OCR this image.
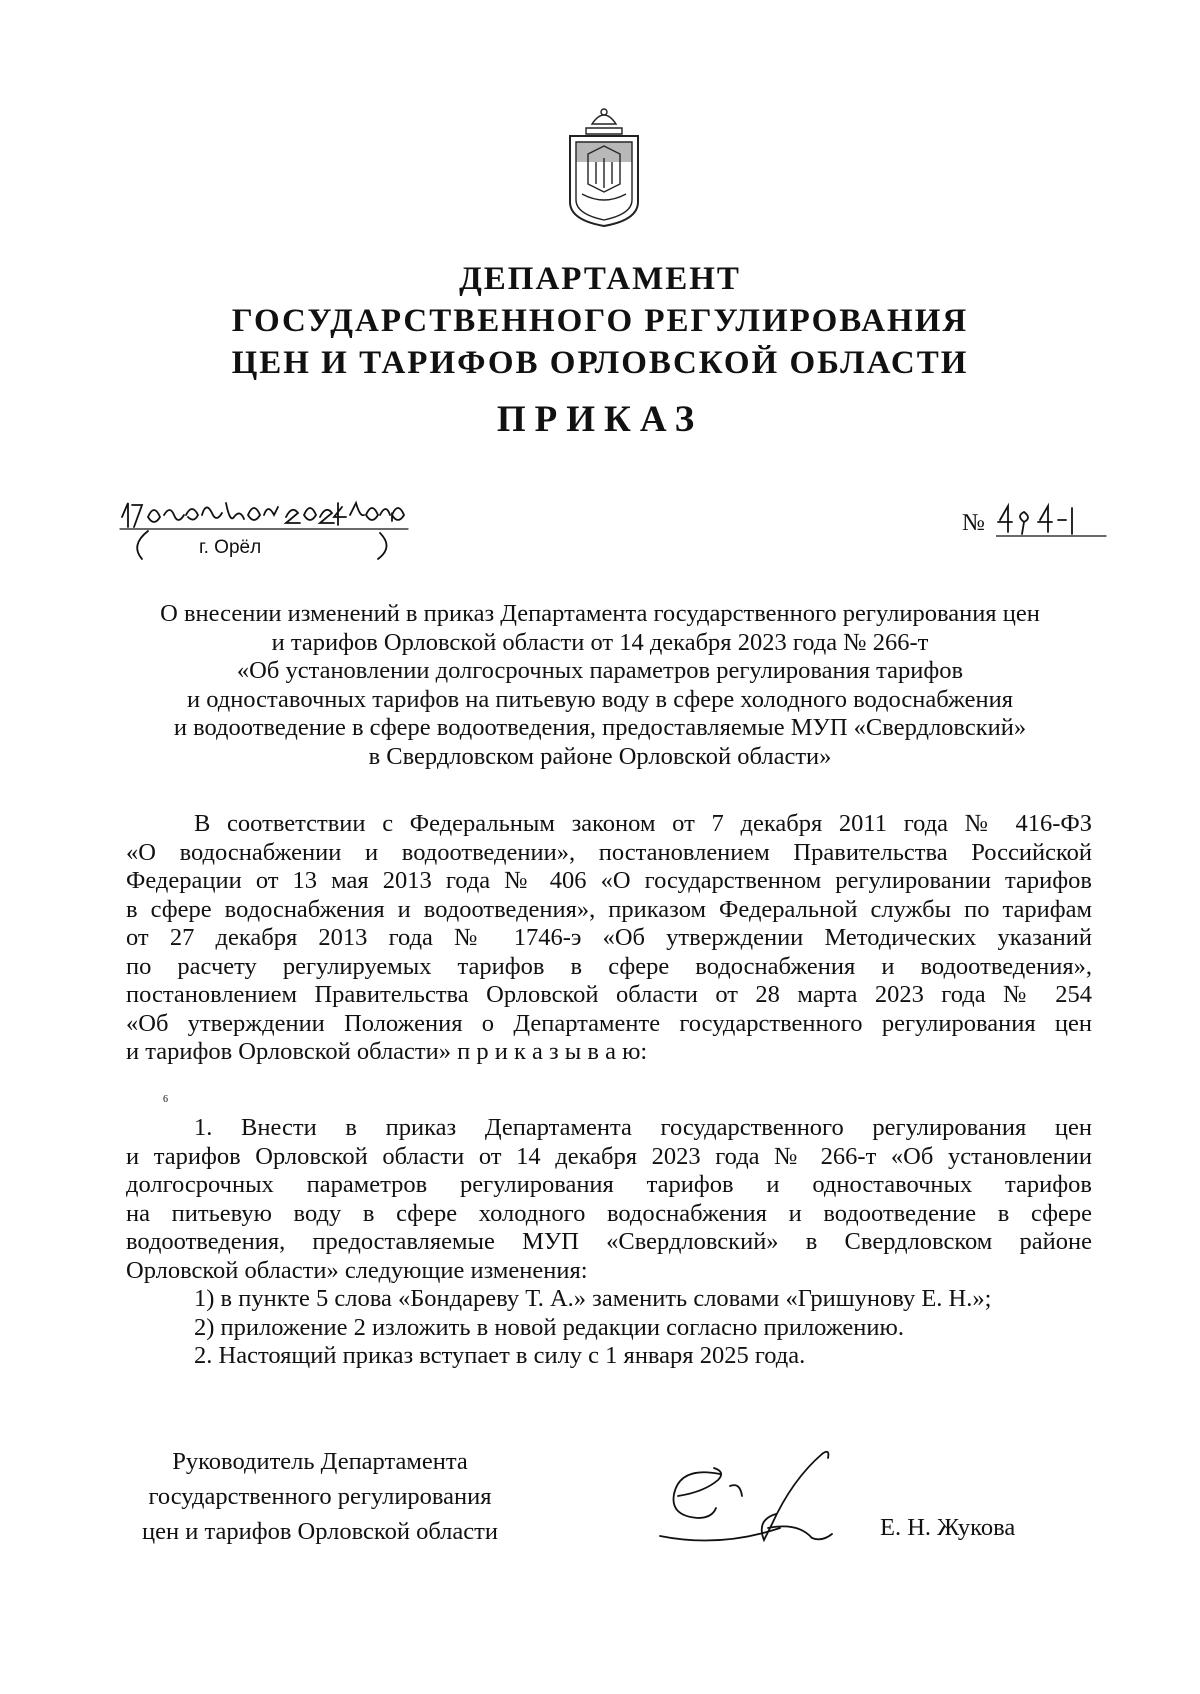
ДЕПАРТАМЕНТ
ГОСУДАРСТВЕННОГО РЕГУЛИРОВАНИЯ
ЦЕН И ТАРИФОВ ОРЛОВСКОЙ ОБЛАСТИ
ПРИКАЗ
г. Орёл
№
О внесении изменений в приказ Департамента государственного регулирования цен
и тарифов Орловской области от 14 декабря 2023 года № 266-т
«Об установлении долгосрочных параметров регулирования тарифов
и одноставочных тарифов на питьевую воду в сфере холодного водоснабжения
и водоотведение в сфере водоотведения, предоставляемые МУП «Свердловский»
в Свердловском районе Орловской области»
В соответствии с Федеральным законом от 7 декабря 2011 года № 416-ФЗ
«О водоснабжении и водоотведении», постановлением Правительства Российской
Федерации от 13 мая 2013 года № 406 «О государственном регулировании тарифов
в сфере водоснабжения и водоотведения», приказом Федеральной службы по тарифам
от 27 декабря 2013 года № 1746-э «Об утверждении Методических указаний
по расчету регулируемых тарифов в сфере водоснабжения и водоотведения»,
постановлением Правительства Орловской области от 28 марта 2023 года № 254
«Об утверждении Положения о Департаменте государственного регулирования цен
и тарифов Орловской области» п р и к а з ы в а ю:
6
1. Внести в приказ Департамента государственного регулирования цен
и тарифов Орловской области от 14 декабря 2023 года № 266-т «Об установлении
долгосрочных параметров регулирования тарифов и одноставочных тарифов
на питьевую воду в сфере холодного водоснабжения и водоотведение в сфере
водоотведения, предоставляемые МУП «Свердловский» в Свердловском районе
Орловской области» следующие изменения:
1) в пункте 5 слова «Бондареву Т. А.» заменить словами «Гришунову Е. Н.»;
2) приложение 2 изложить в новой редакции согласно приложению.
2. Настоящий приказ вступает в силу с 1 января 2025 года.
Руководитель Департамента
государственного регулирования
цен и тарифов Орловской области	Е. Н. Жукова
